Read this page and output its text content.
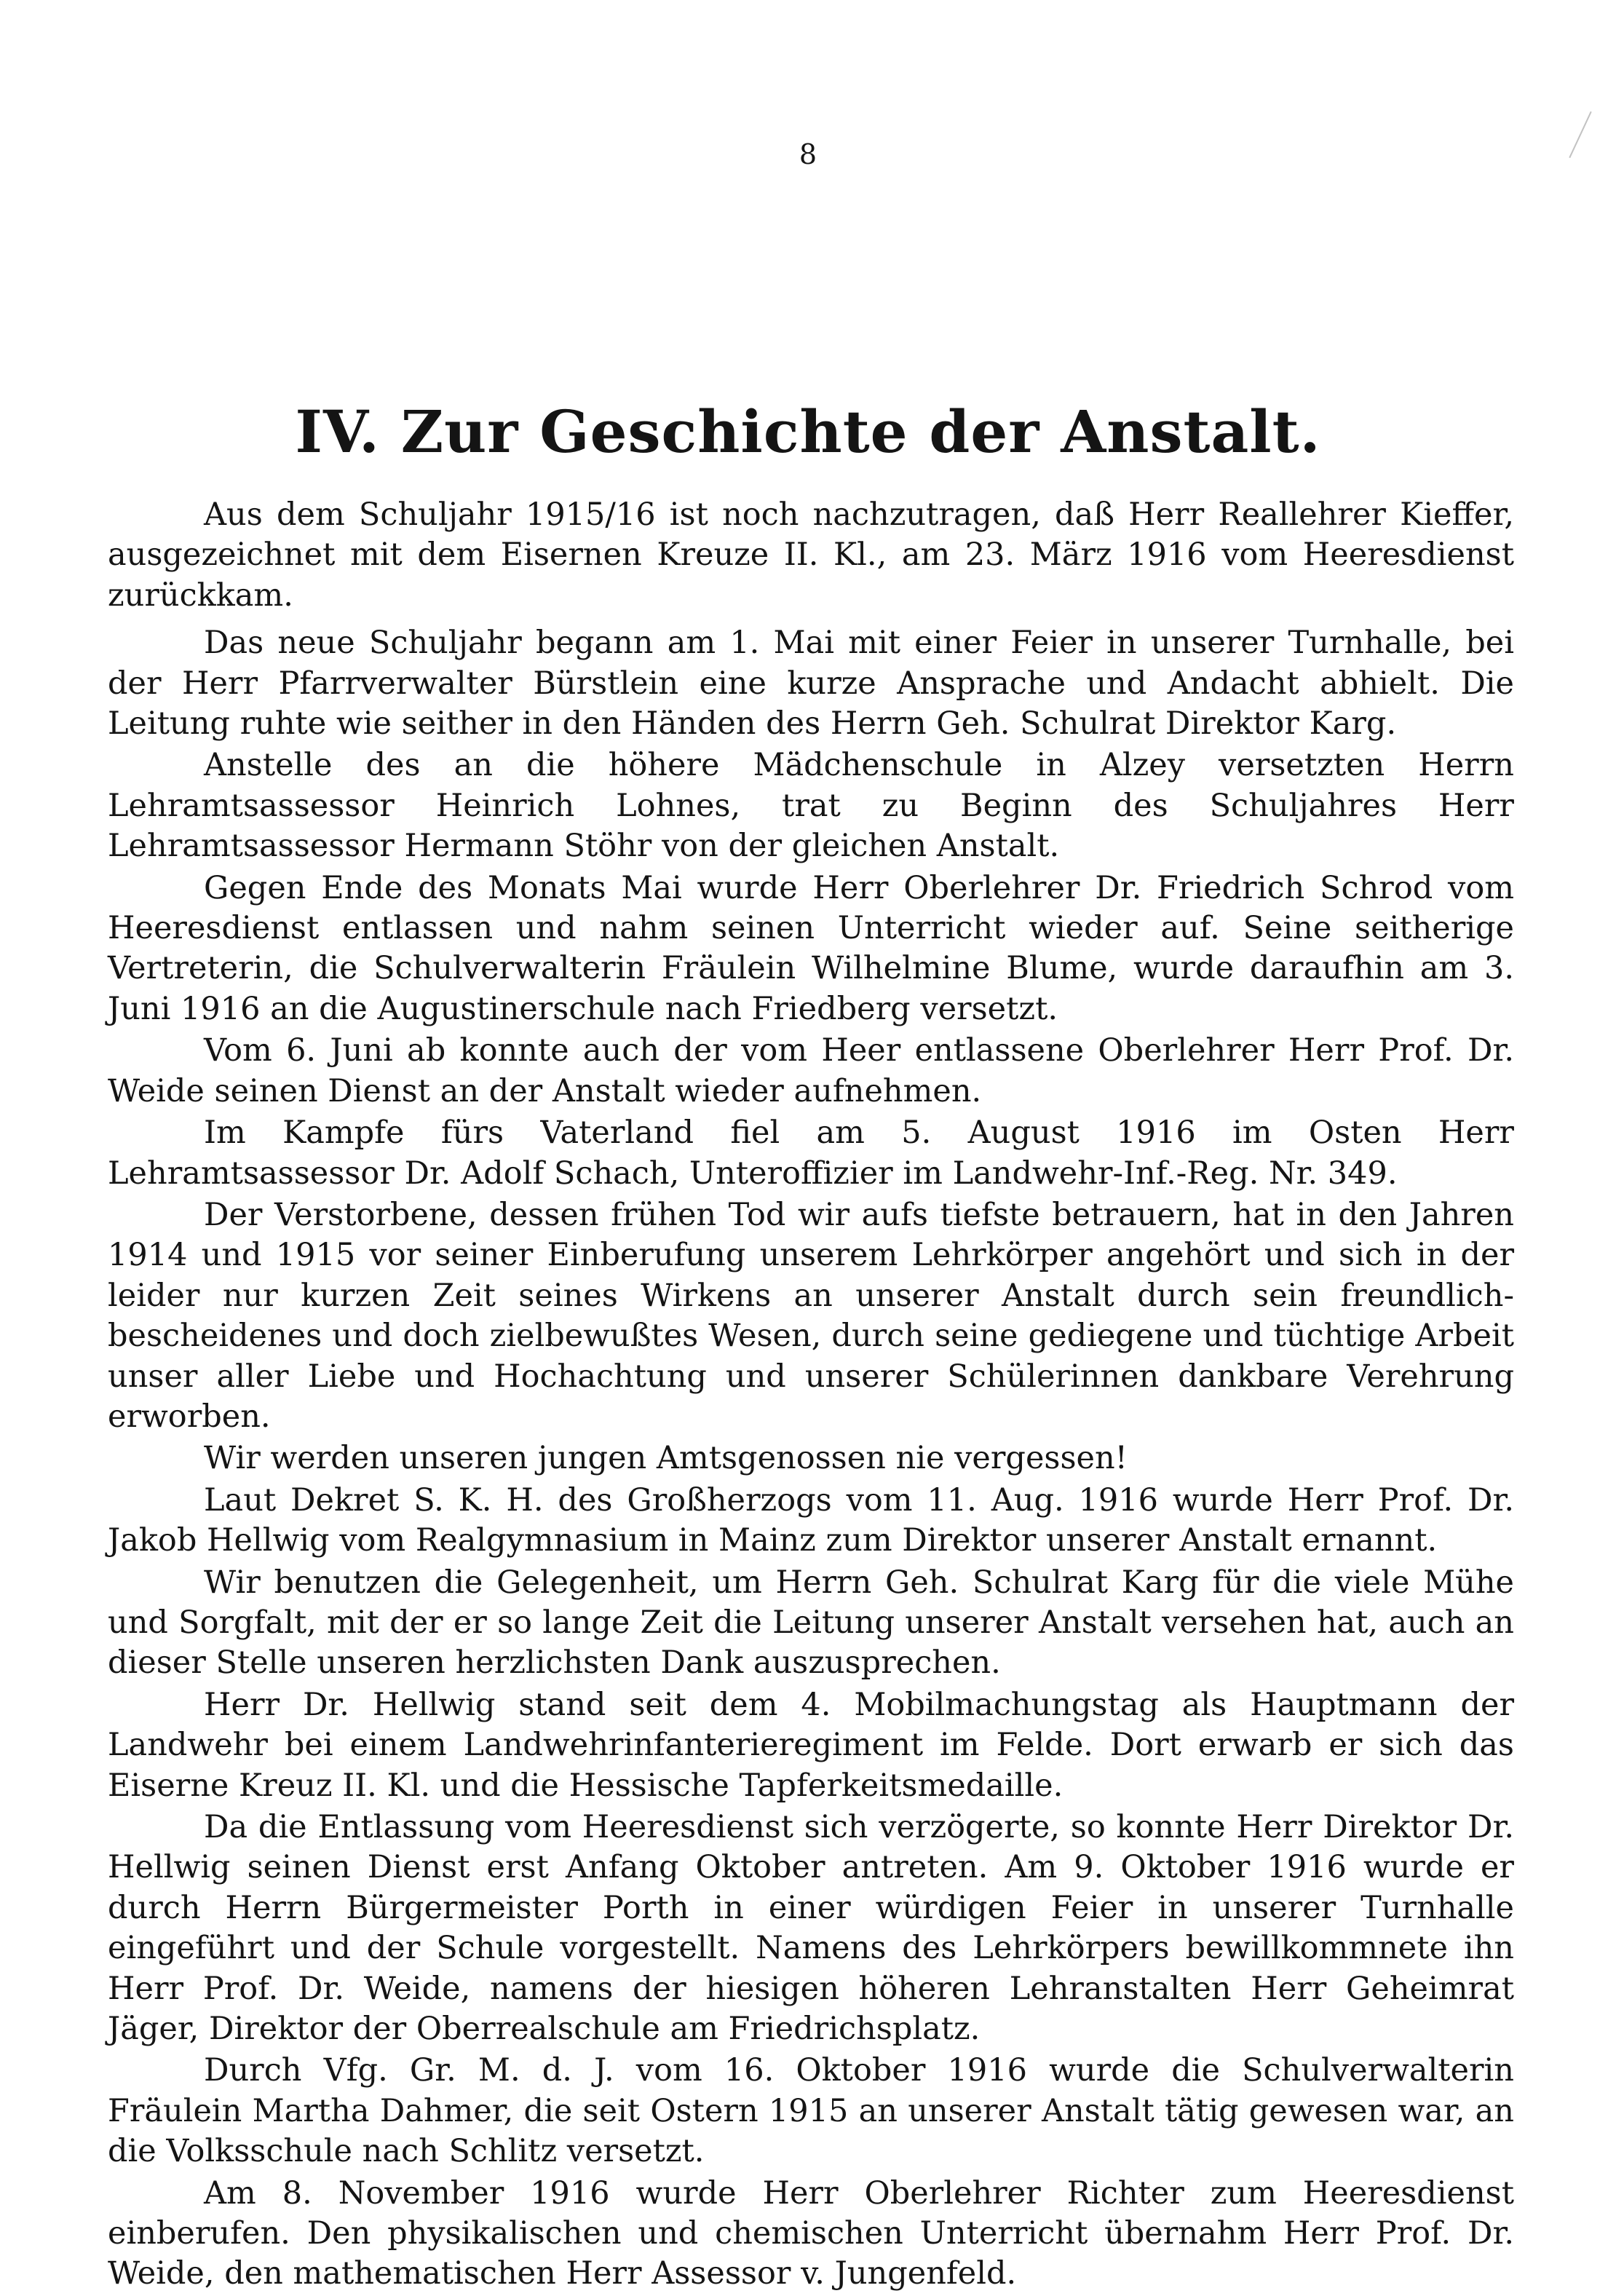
8
IV. Zur Geschichte der Anstalt.

Aus dem Schuljahr 1915/16 ist noch nachzutragen, daß Herr Reallehrer Kieffer, ausgezeichnet mit dem Eisernen Kreuze II. Kl., am 23. März 1916 vom Heeresdienst zurückkam.

Das neue Schuljahr begann am 1. Mai mit einer Feier in unserer Turnhalle, bei der Herr Pfarrverwalter Bürstlein eine kurze Ansprache und Andacht abhielt. Die Leitung ruhte wie seither in den Händen des Herrn Geh. Schulrat Direktor Karg.

Anstelle des an die höhere Mädchenschule in Alzey versetzten Herrn Lehramtsassessor Heinrich Lohnes, trat zu Beginn des Schuljahres Herr Lehramtsassessor Hermann Stöhr von der gleichen Anstalt.

Gegen Ende des Monats Mai wurde Herr Oberlehrer Dr. Friedrich Schrod vom Heeresdienst entlassen und nahm seinen Unterricht wieder auf. Seine seitherige Vertreterin, die Schulverwalterin Fräulein Wilhelmine Blume, wurde daraufhin am 3. Juni 1916 an die Augustinerschule nach Friedberg versetzt.

Vom 6. Juni ab konnte auch der vom Heer entlassene Oberlehrer Herr Prof. Dr. Weide seinen Dienst an der Anstalt wieder aufnehmen.

Im Kampfe fürs Vaterland fiel am 5. August 1916 im Osten Herr Lehramtsassessor Dr. Adolf Schach, Unteroffizier im Landwehr-Inf.-Reg. Nr. 349.

Der Verstorbene, dessen frühen Tod wir aufs tiefste betrauern, hat in den Jahren 1914 und 1915 vor seiner Einberufung unserem Lehrkörper angehört und sich in der leider nur kurzen Zeit seines Wirkens an unserer Anstalt durch sein freundlich-bescheidenes und doch zielbewußtes Wesen, durch seine gediegene und tüchtige Arbeit unser aller Liebe und Hochachtung und unserer Schülerinnen dankbare Verehrung erworben.

Wir werden unseren jungen Amtsgenossen nie vergessen!

Laut Dekret S. K. H. des Großherzogs vom 11. Aug. 1916 wurde Herr Prof. Dr. Jakob Hellwig vom Realgymnasium in Mainz zum Direktor unserer Anstalt ernannt.

Wir benutzen die Gelegenheit, um Herrn Geh. Schulrat Karg für die viele Mühe und Sorgfalt, mit der er so lange Zeit die Leitung unserer Anstalt versehen hat, auch an dieser Stelle unseren herzlichsten Dank auszusprechen.

Herr Dr. Hellwig stand seit dem 4. Mobilmachungstag als Hauptmann der Landwehr bei einem Landwehrinfanterieregiment im Felde. Dort erwarb er sich das Eiserne Kreuz II. Kl. und die Hessische Tapferkeitsmedaille.

Da die Entlassung vom Heeresdienst sich verzögerte, so konnte Herr Direktor Dr. Hellwig seinen Dienst erst Anfang Oktober antreten. Am 9. Oktober 1916 wurde er durch Herrn Bürgermeister Porth in einer würdigen Feier in unserer Turnhalle eingeführt und der Schule vorgestellt. Namens des Lehrkörpers bewillkommnete ihn Herr Prof. Dr. Weide, namens der hiesigen höheren Lehranstalten Herr Geheimrat Jäger, Direktor der Oberrealschule am Friedrichsplatz.

Durch Vfg. Gr. M. d. J. vom 16. Oktober 1916 wurde die Schulverwalterin Fräulein Martha Dahmer, die seit Ostern 1915 an unserer Anstalt tätig gewesen war, an die Volksschule nach Schlitz versetzt.

Am 8. November 1916 wurde Herr Oberlehrer Richter zum Heeresdienst einberufen. Den physikalischen und chemischen Unterricht übernahm Herr Prof. Dr. Weide, den mathematischen Herr Assessor v. Jungenfeld.
